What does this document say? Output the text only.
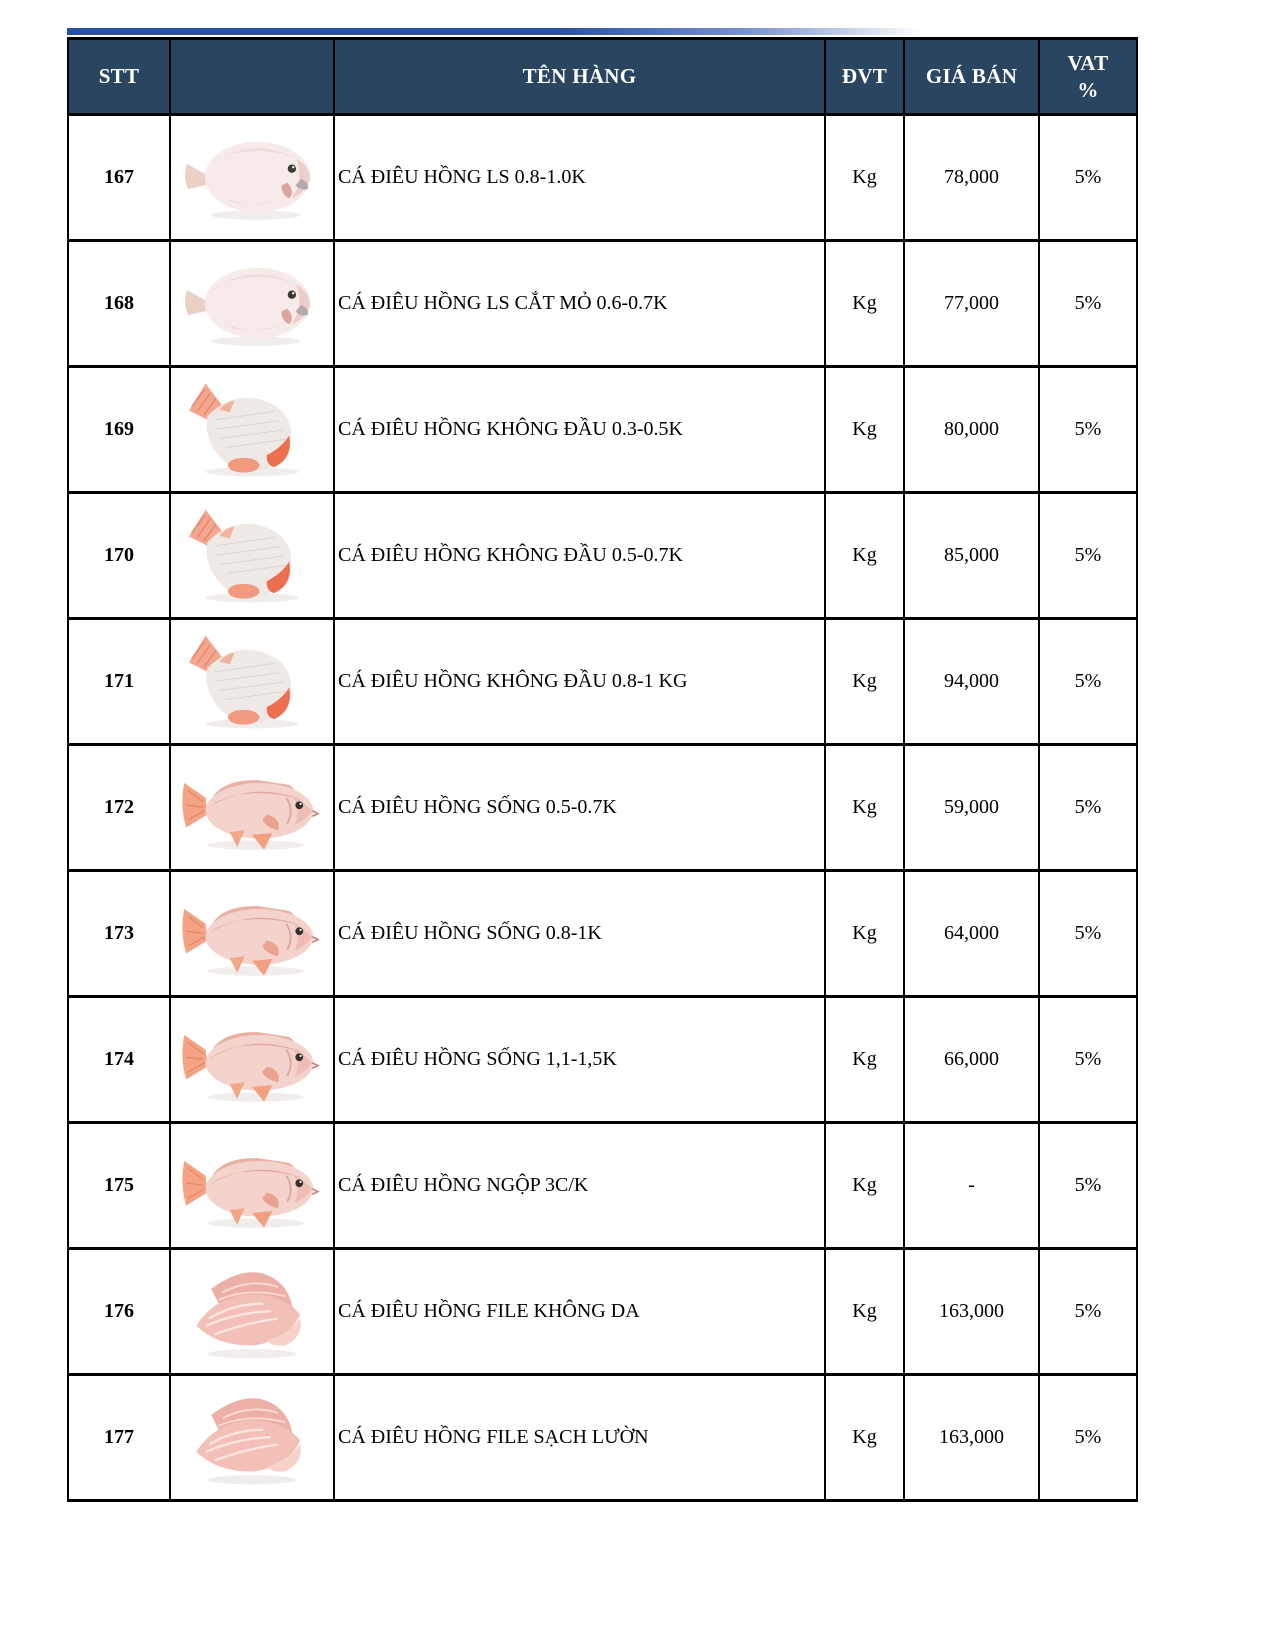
STT		TÊN HÀNG	ĐVT	GIÁ BÁN	VAT %

167		CÁ ĐIÊU HỒNG LS 0.8-1.0K	Kg	78,000	5%
168		CÁ ĐIÊU HỒNG LS CẮT MỎ 0.6-0.7K	Kg	77,000	5%
169		CÁ ĐIÊU HỒNG KHÔNG ĐẦU 0.3-0.5K	Kg	80,000	5%
170		CÁ ĐIÊU HỒNG KHÔNG ĐẦU 0.5-0.7K	Kg	85,000	5%
171		CÁ ĐIÊU HỒNG KHÔNG ĐẦU 0.8-1 KG	Kg	94,000	5%
172		CÁ ĐIÊU HỒNG SỐNG 0.5-0.7K	Kg	59,000	5%
173		CÁ ĐIÊU HỒNG SỐNG 0.8-1K	Kg	64,000	5%
174		CÁ ĐIÊU HỒNG SỐNG 1,1-1,5K	Kg	66,000	5%
175		CÁ ĐIÊU HỒNG NGỘP 3C/K	Kg	-	5%
176		CÁ ĐIÊU HỒNG FILE KHÔNG DA	Kg	163,000	5%
177		CÁ ĐIÊU HỒNG FILE SẠCH LƯỜN	Kg	163,000	5%
